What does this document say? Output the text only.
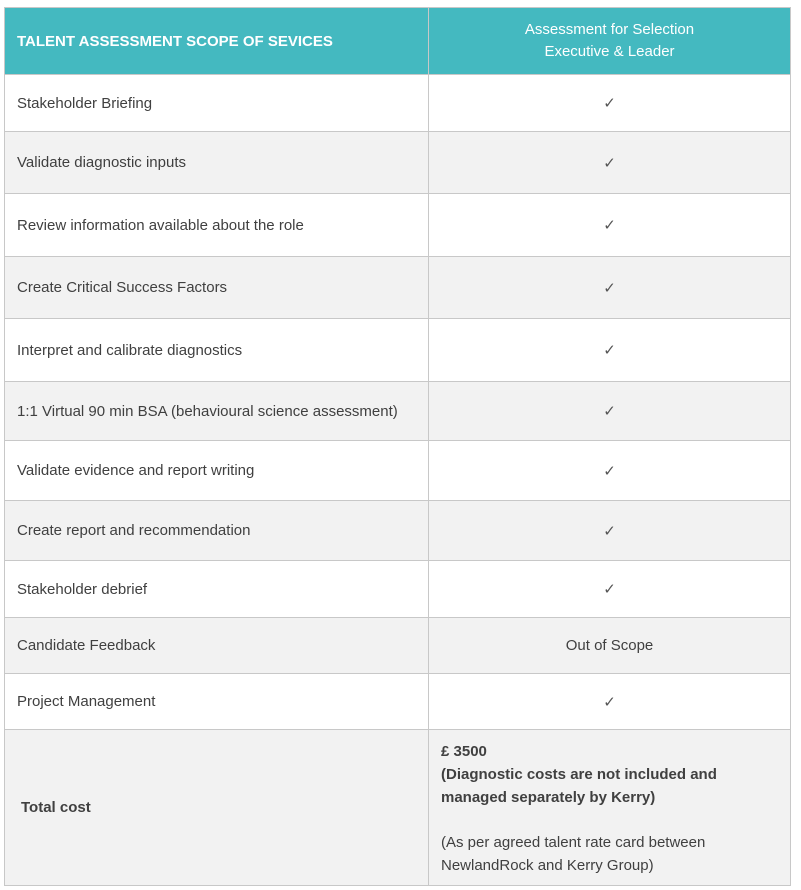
TALENT ASSESSMENT SCOPE OF SEVICES	Assessment for Selection
Executive & Leader

Stakeholder Briefing	✓
Validate diagnostic inputs	✓
Review information available about the role	✓
Create Critical Success Factors	✓
Interpret and calibrate diagnostics	✓
1:1 Virtual 90 min BSA (behavioural science assessment)	✓
Validate evidence and report writing	✓
Create report and recommendation	✓
Stakeholder debrief	✓
Candidate Feedback	Out of Scope
Project Management	✓
Total cost	£ 3500
(Diagnostic costs are not included and managed separately by Kerry)
(As per agreed talent rate card between NewlandRock and Kerry Group)
